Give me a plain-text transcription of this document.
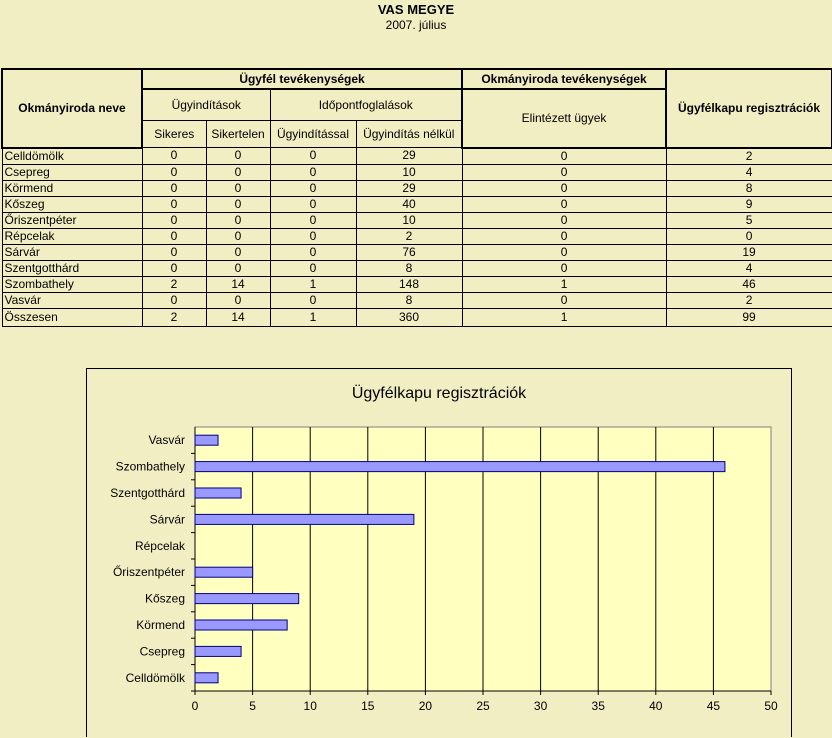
VAS MEGYE
2007. július
Okmányiroda neve	Ügyfél tevékenységek				Okmányiroda tevékenységek	Ügyfélkapu regisztrációk
	Ügyindítások		Időpontfoglalások		Elintézett ügyek	
	Sikeres	Sikertelen	Ügyindítással	Ügyindítás nélkül		
Celldömölk	0	0	0	29	0	2
Csepreg	0	0	0	10	0	4
Körmend	0	0	0	29	0	8
Kőszeg	0	0	0	40	0	9
Őriszentpéter	0	0	0	10	0	5
Répcelak	0	0	0	2	0	0
Sárvár	0	0	0	76	0	19
Szentgotthárd	0	0	0	8	0	4
Szombathely	2	14	1	148	1	46
Vasvár	0	0	0	8	0	2
Összesen	2	14	1	360	1	99
Ügyfélkapu regisztrációk
0	5	10	15	20	25	30	35	40	45	50
Celldömölk
Csepreg
Körmend
Kőszeg
Őriszentpéter
Répcelak
Sárvár
Szentgotthárd
Szombathely
Vasvár
